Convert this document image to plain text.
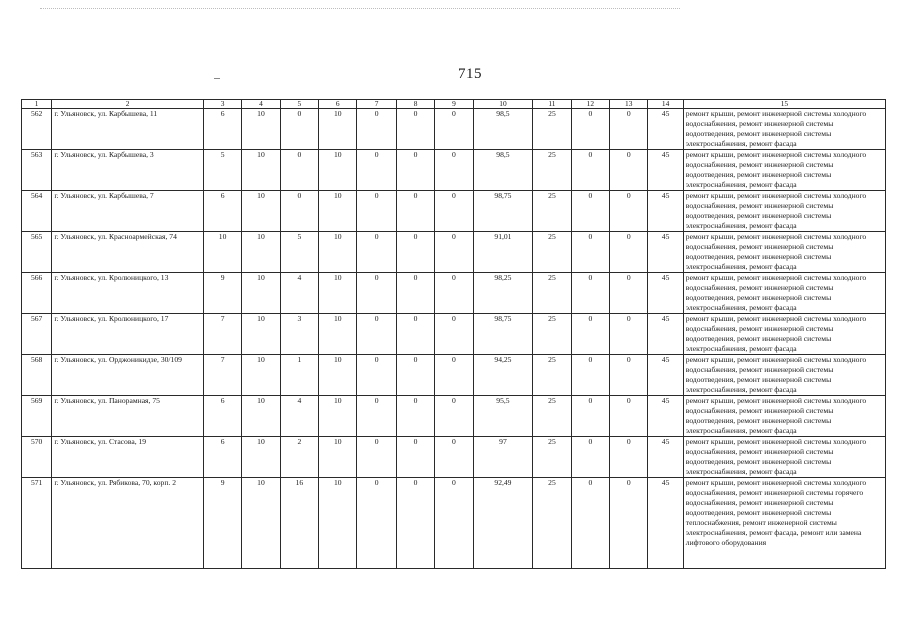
715
1	2	3	4	5	6	7	8	9	10	11	12	13	14	15
562	г. Ульяновск, ул. Карбышева, 11	6	10	0	10	0	0	0	98,5	25	0	0	45	ремонт крыши, ремонт инженерной системы холодного водоснабжения, ремонт инженерной системы водоотведения, ремонт инженерной системы электроснабжения, ремонт фасада
563	г. Ульяновск, ул. Карбышева, 3	5	10	0	10	0	0	0	98,5	25	0	0	45	ремонт крыши, ремонт инженерной системы холодного водоснабжения, ремонт инженерной системы водоотведения, ремонт инженерной системы электроснабжения, ремонт фасада
564	г. Ульяновск, ул. Карбышева, 7	6	10	0	10	0	0	0	98,75	25	0	0	45	ремонт крыши, ремонт инженерной системы холодного водоснабжения, ремонт инженерной системы водоотведения, ремонт инженерной системы электроснабжения, ремонт фасада
565	г. Ульяновск, ул. Красноармейская, 74	10	10	5	10	0	0	0	91,01	25	0	0	45	ремонт крыши, ремонт инженерной системы холодного водоснабжения, ремонт инженерной системы водоотведения, ремонт инженерной системы электроснабжения, ремонт фасада
566	г. Ульяновск, ул. Кролюницкого, 13	9	10	4	10	0	0	0	98,25	25	0	0	45	ремонт крыши, ремонт инженерной системы холодного водоснабжения, ремонт инженерной системы водоотведения, ремонт инженерной системы электроснабжения, ремонт фасада
567	г. Ульяновск, ул. Кролюницкого, 17	7	10	3	10	0	0	0	98,75	25	0	0	45	ремонт крыши, ремонт инженерной системы холодного водоснабжения, ремонт инженерной системы водоотведения, ремонт инженерной системы электроснабжения, ремонт фасада
568	г. Ульяновск, ул. Орджоникидзе, 30/109	7	10	1	10	0	0	0	94,25	25	0	0	45	ремонт крыши, ремонт инженерной системы холодного водоснабжения, ремонт инженерной системы водоотведения, ремонт инженерной системы электроснабжения, ремонт фасада
569	г. Ульяновск, ул. Панорамная, 75	6	10	4	10	0	0	0	95,5	25	0	0	45	ремонт крыши, ремонт инженерной системы холодного водоснабжения, ремонт инженерной системы водоотведения, ремонт инженерной системы электроснабжения, ремонт фасада
570	г. Ульяновск, ул. Стасова, 19	6	10	2	10	0	0	0	97	25	0	0	45	ремонт крыши, ремонт инженерной системы холодного водоснабжения, ремонт инженерной системы водоотведения, ремонт инженерной системы электроснабжения, ремонт фасада
571	г. Ульяновск, ул. Рябикова, 70, корп. 2	9	10	16	10	0	0	0	92,49	25	0	0	45	ремонт крыши, ремонт инженерной системы холодного водоснабжения, ремонт инженерной системы горячего водоснабжения, ремонт инженерной системы водоотведения, ремонт инженерной системы теплоснабжения, ремонт инженерной системы электроснабжения, ремонт фасада, ремонт или замена лифтового оборудования
